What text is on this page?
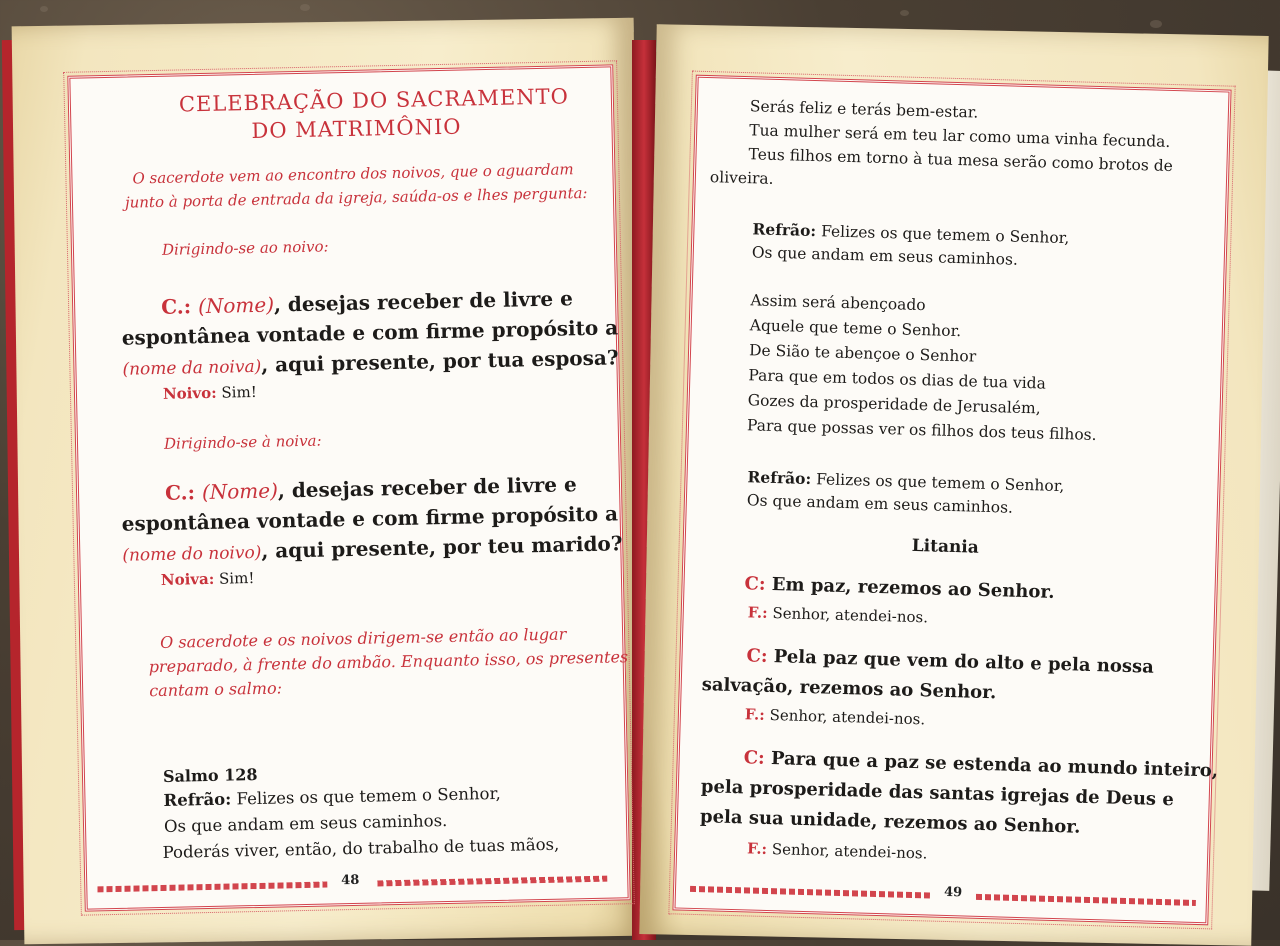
CELEBRAÇÃO DO SACRAMENTO
DO MATRIMÔNIO
O sacerdote vem ao encontro dos noivos, que o aguardam
junto à porta de entrada da igreja, saúda-os e lhes pergunta:
Dirigindo-se ao noivo:
C.: (Nome), desejas receber de livre e
espontânea vontade e com firme propósito a
(nome da noiva), aqui presente, por tua esposa?
Noivo: Sim!
Dirigindo-se à noiva:
C.: (Nome), desejas receber de livre e
espontânea vontade e com firme propósito a
(nome do noivo), aqui presente, por teu marido?
Noiva: Sim!
O sacerdote e os noivos dirigem-se então ao lugar
preparado, à frente do ambão. Enquanto isso, os presentes
cantam o salmo:
Salmo 128
Refrão: Felizes os que temem o Senhor,
Os que andam em seus caminhos.
Poderás viver, então, do trabalho de tuas mãos,
48
Serás feliz e terás bem-estar.
Tua mulher será em teu lar como uma vinha fecunda.
Teus filhos em torno à tua mesa serão como brotos de
oliveira.
Refrão: Felizes os que temem o Senhor,
Os que andam em seus caminhos.
Assim será abençoado
Aquele que teme o Senhor.
De Sião te abençoe o Senhor
Para que em todos os dias de tua vida
Gozes da prosperidade de Jerusalém,
Para que possas ver os filhos dos teus filhos.
Refrão: Felizes os que temem o Senhor,
Os que andam em seus caminhos.
Litania
C: Em paz, rezemos ao Senhor.
F.: Senhor, atendei-nos.
C: Pela paz que vem do alto e pela nossa
salvação, rezemos ao Senhor.
F.: Senhor, atendei-nos.
C: Para que a paz se estenda ao mundo inteiro,
pela prosperidade das santas igrejas de Deus e
pela sua unidade, rezemos ao Senhor.
F.: Senhor, atendei-nos.
49
